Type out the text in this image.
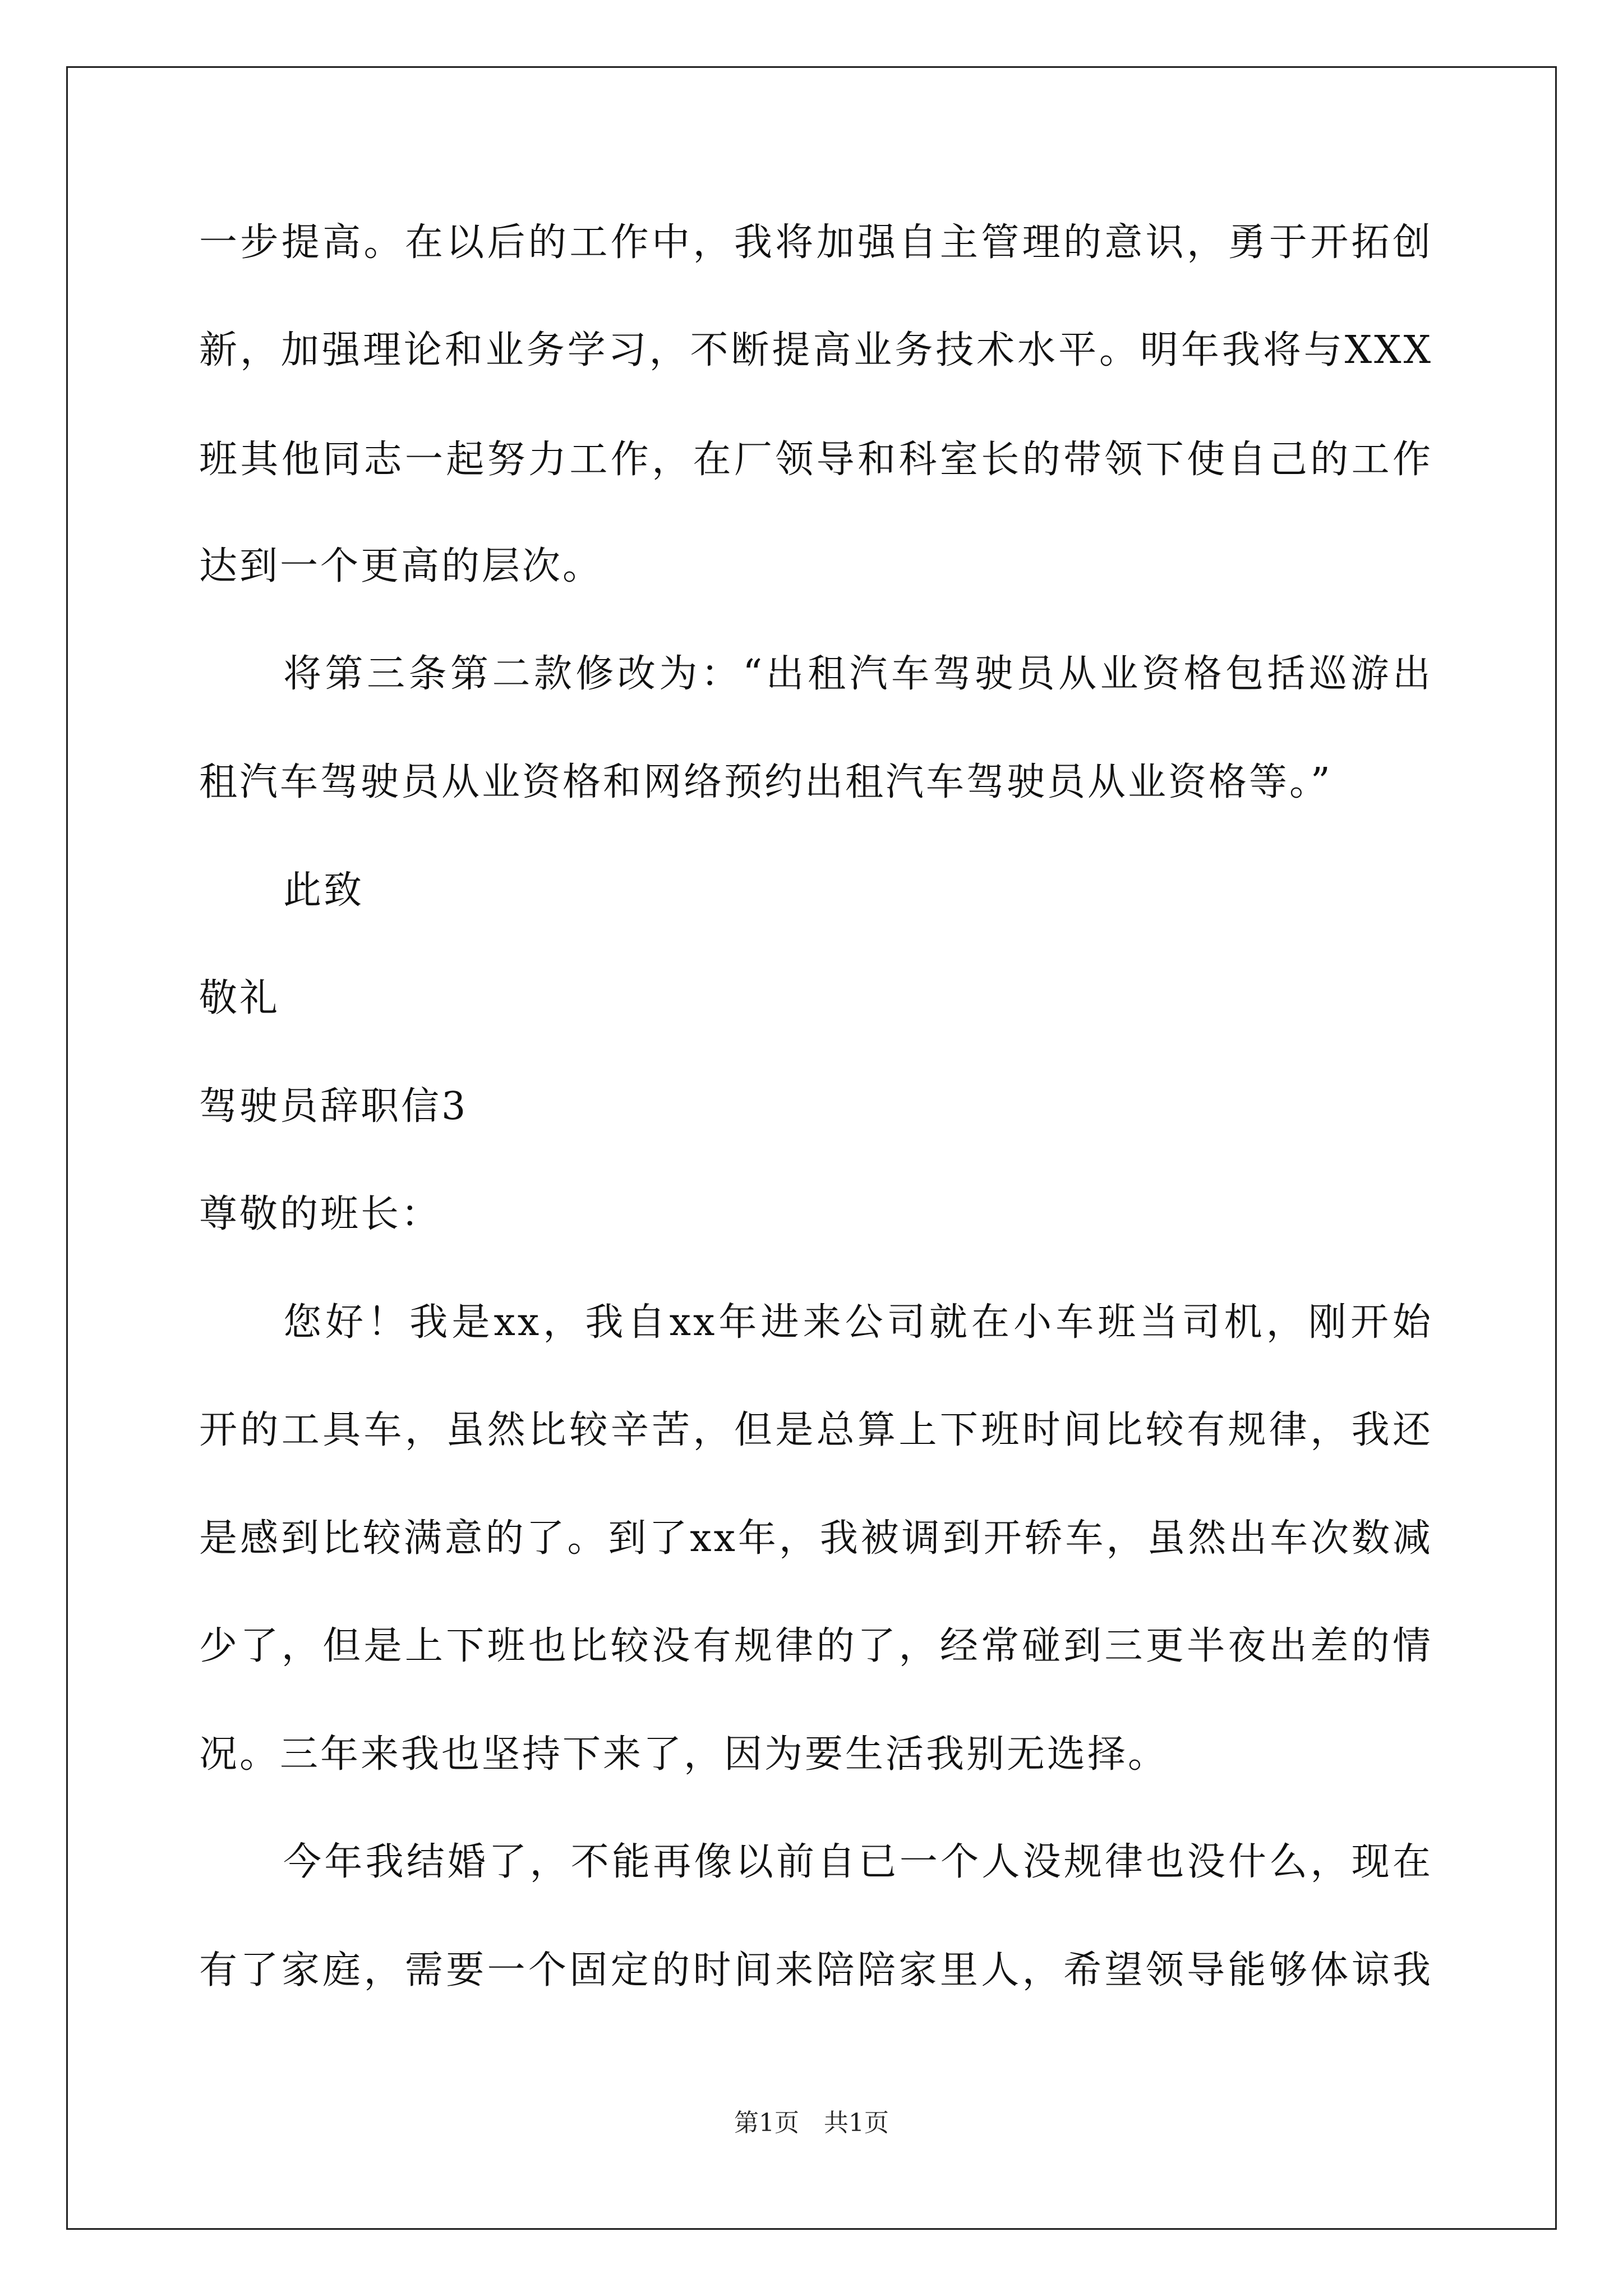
一步提高。在以后的工作中，我将加强自主管理的意识，勇于开拓创
新，加强理论和业务学习，不断提高业务技术水平。明年我将与XXX
班其他同志一起努力工作，在厂领导和科室长的带领下使自己的工作
达到一个更高的层次。
将第三条第二款修改为：“出租汽车驾驶员从业资格包括巡游出
租汽车驾驶员从业资格和网络预约出租汽车驾驶员从业资格等。”
此致
敬礼
驾驶员辞职信3
尊敬的班长：
您好！我是xx，我自xx年进来公司就在小车班当司机，刚开始
开的工具车，虽然比较辛苦，但是总算上下班时间比较有规律，我还
是感到比较满意的了。到了xx年，我被调到开轿车，虽然出车次数减
少了，但是上下班也比较没有规律的了，经常碰到三更半夜出差的情
况。三年来我也坚持下来了，因为要生活我别无选择。
今年我结婚了，不能再像以前自已一个人没规律也没什么，现在
有了家庭，需要一个固定的时间来陪陪家里人，希望领导能够体谅我
第1页　共1页
